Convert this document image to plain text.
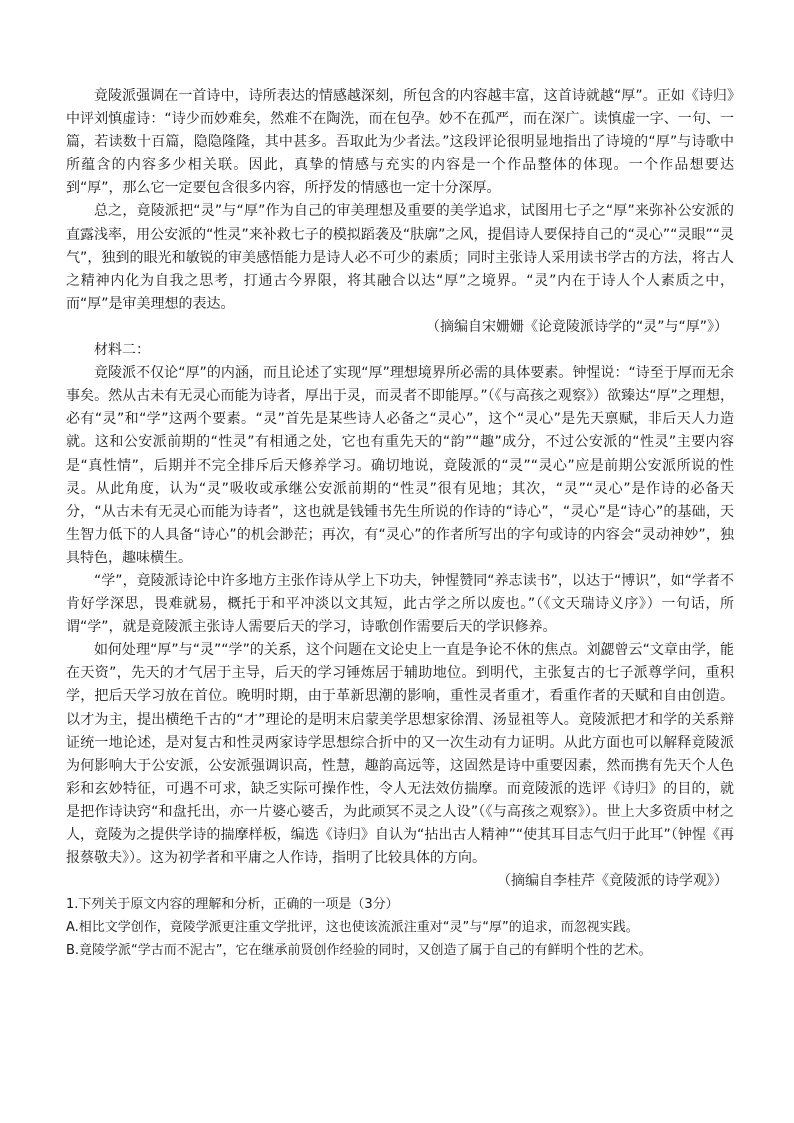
竟陵派强调在一首诗中，诗所表达的情感越深刻，所包含的内容越丰富，这首诗就越“厚”。正如《诗归》中评刘慎虚诗：“诗少而妙难矣，然难不在陶洗，而在包孕。妙不在孤严，而在深广。读慎虚一字、一句、一篇，若读数十百篇，隐隐隆隆，其中甚多。吾取此为少者法。”这段评论很明显地指出了诗境的“厚”与诗歌中所蕴含的内容多少相关联。因此，真挚的情感与充实的内容是一个作品整体的体现。一个作品想要达到“厚”，那么它一定要包含很多内容，所抒发的情感也一定十分深厚。

总之，竟陵派把“灵”与“厚”作为自己的审美理想及重要的美学追求，试图用七子之“厚”来弥补公安派的直露浅率，用公安派的“性灵”来补救七子的模拟蹈袭及“肤廓”之风，提倡诗人要保持自己的“灵心”“灵眼”“灵气”，独到的眼光和敏锐的审美感悟能力是诗人必不可少的素质；同时主张诗人采用读书学古的方法，将古人之精神内化为自我之思考，打通古今界限，将其融合以达“厚”之境界。“灵”内在于诗人个人素质之中，而“厚”是审美理想的表达。

（摘编自宋姗姗《论竟陵派诗学的“灵”与“厚”》）

材料二：

竟陵派不仅论“厚”的内涵，而且论述了实现“厚”理想境界所必需的具体要素。钟惺说：“诗至于厚而无余事矣。然从古未有无灵心而能为诗者，厚出于灵，而灵者不即能厚。”（《与高孩之观察》）欲臻达“厚”之理想，必有“灵”和“学”这两个要素。“灵”首先是某些诗人必备之“灵心”，这个“灵心”是先天禀赋，非后天人力造就。这和公安派前期的“性灵”有相通之处，它也有重先天的“韵”“趣”成分，不过公安派的“性灵”主要内容是“真性情”，后期并不完全排斥后天修养学习。确切地说，竟陵派的“灵”“灵心”应是前期公安派所说的性灵。从此角度，认为“灵”吸收或承继公安派前期的“性灵”很有见地；其次，“灵”“灵心”是作诗的必备天分，“从古未有无灵心而能为诗者”，这也就是钱锺书先生所说的作诗的“诗心”，“灵心”是“诗心”的基础，天生智力低下的人具备“诗心”的机会渺茫；再次，有“灵心”的作者所写出的字句或诗的内容会“灵动神妙”，独具特色，趣味横生。

“学”，竟陵派诗论中许多地方主张作诗从学上下功夫，钟惺赞同“养志读书”，以达于“博识”，如“学者不肯好学深思，畏难就易，概托于和平冲淡以文其短，此古学之所以废也。”（《文天瑞诗义序》）一句话，所谓“学”，就是竟陵派主张诗人需要后天的学习，诗歌创作需要后天的学识修养。

如何处理“厚”与“灵”“学”的关系，这个问题在文论史上一直是争论不休的焦点。刘勰曾云“文章由学，能在天资”，先天的才气居于主导，后天的学习锤炼居于辅助地位。到明代，主张复古的七子派尊学问，重积学，把后天学习放在首位。晚明时期，由于革新思潮的影响，重性灵者重才，看重作者的天赋和自由创造。以才为主，提出横绝千古的“才”理论的是明末启蒙美学思想家徐渭、汤显祖等人。竟陵派把才和学的关系辩证统一地论述，是对复古和性灵两家诗学思想综合折中的又一次生动有力证明。从此方面也可以解释竟陵派为何影响大于公安派，公安派强调识高，性慧，趣韵高远等，这固然是诗中重要因素，然而携有先天个人色彩和玄妙特征，可遇不可求，缺乏实际可操作性，令人无法效仿揣摩。而竟陵派的选评《诗归》的目的，就是把作诗诀窍“和盘托出，亦一片婆心婆舌，为此顽冥不灵之人设”（《与高孩之观察》）。世上大多资质中材之人，竟陵为之提供学诗的揣摩样板，编选《诗归》自认为“拈出古人精神”“使其耳目志气归于此耳”（钟惺《再报蔡敬夫》）。这为初学者和平庸之人作诗，指明了比较具体的方向。

（摘编自李桂芹《竟陵派的诗学观》）

1.下列关于原文内容的理解和分析，正确的一项是（3分）

A.相比文学创作，竟陵学派更注重文学批评，这也使该流派注重对“灵”与“厚”的追求，而忽视实践。

B.竟陵学派“学古而不泥古”，它在继承前贤创作经验的同时，又创造了属于自己的有鲜明个性的艺术。
